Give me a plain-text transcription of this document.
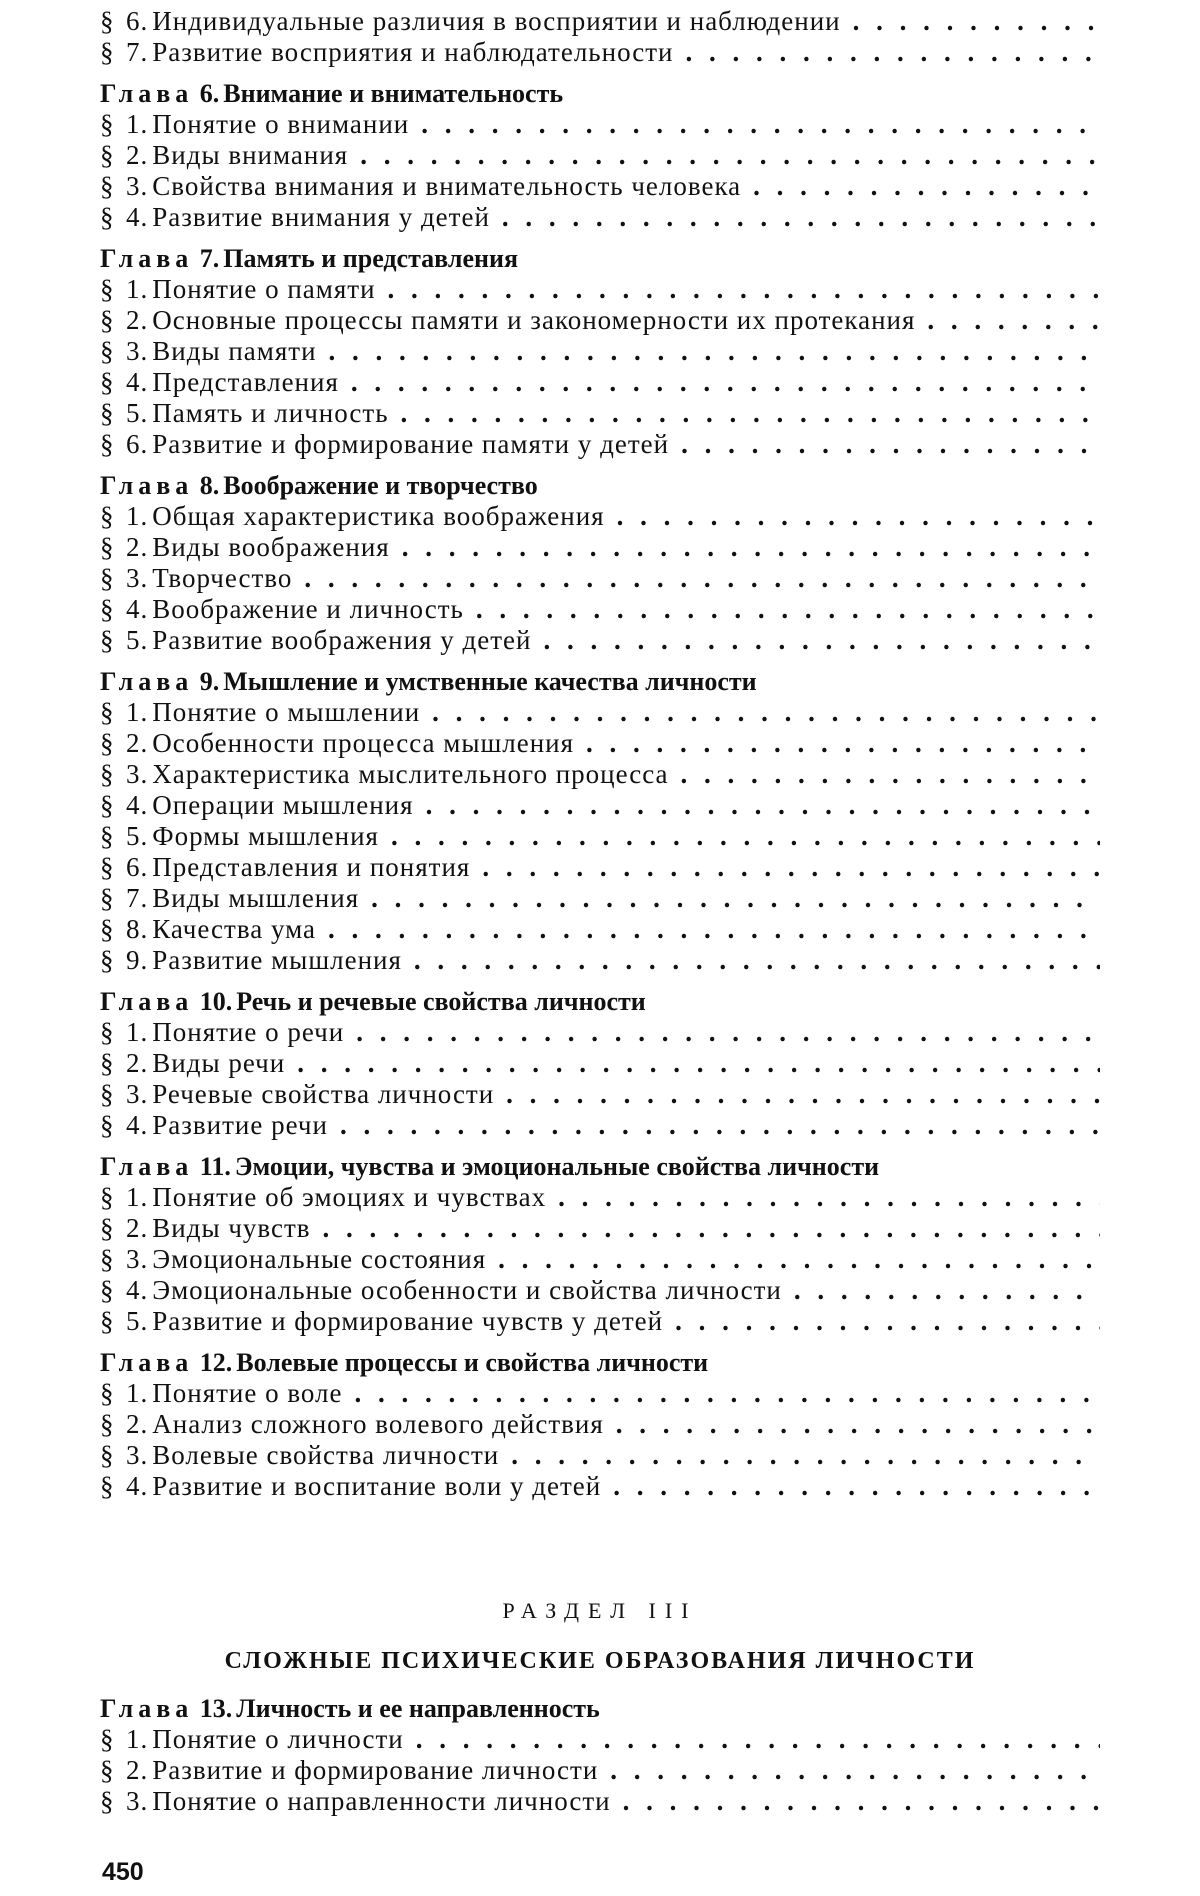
§ 6. Индивидуальные различия в восприятии и наблюдении
. . .
§ 7. Развитие восприятия и наблюдательности
. . .
Глава 6. Внимание и внимательность
§ 1. Понятие о внимании
. . .
§ 2. Виды внимания
. . .
§ 3. Свойства внимания и внимательность человека
. . .
§ 4. Развитие внимания у детей
. . .
Глава 7. Память и представления
§ 1. Понятие о памяти
. . .
§ 2. Основные процессы памяти и закономерности их протекания
. . .
§ 3. Виды памяти
. . .
§ 4. Представления
. . .
§ 5. Память и личность
. . .
§ 6. Развитие и формирование памяти у детей
. . .
Глава 8. Воображение и творчество
§ 1. Общая характеристика воображения
. . .
§ 2. Виды воображения
. . .
§ 3. Творчество
. . .
§ 4. Воображение и личность
. . .
§ 5. Развитие воображения у детей
. . .
Глава 9. Мышление и умственные качества личности
§ 1. Понятие о мышлении
. . .
§ 2. Особенности процесса мышления
. . .
§ 3. Характеристика мыслительного процесса
. . .
§ 4. Операции мышления
. . .
§ 5. Формы мышления
. . .
§ 6. Представления и понятия
. . .
§ 7. Виды мышления
. . .
§ 8. Качества ума
. . .
§ 9. Развитие мышления
. . .
Глава 10. Речь и речевые свойства личности
§ 1. Понятие о речи
. . .
§ 2. Виды речи
. . .
§ 3. Речевые свойства личности
. . .
§ 4. Развитие речи
. . .
Глава 11. Эмоции, чувства и эмоциональные свойства личности
§ 1. Понятие об эмоциях и чувствах
. . .
§ 2. Виды чувств
. . .
§ 3. Эмоциональные состояния
. . .
§ 4. Эмоциональные особенности и свойства личности
. . .
§ 5. Развитие и формирование чувств у детей
. . .
Глава 12. Волевые процессы и свойства личности
§ 1. Понятие о воле
. . .
§ 2. Анализ сложного волевого действия
. . .
§ 3. Волевые свойства личности
. . .
§ 4. Развитие и воспитание воли у детей
. . .
РАЗДЕЛ III
СЛОЖНЫЕ ПСИХИЧЕСКИЕ ОБРАЗОВАНИЯ ЛИЧНОСТИ
Глава 13. Личность и ее направленность
§ 1. Понятие о личности
. . .
§ 2. Развитие и формирование личности
. . .
§ 3. Понятие о направленности личности
. . .
450
